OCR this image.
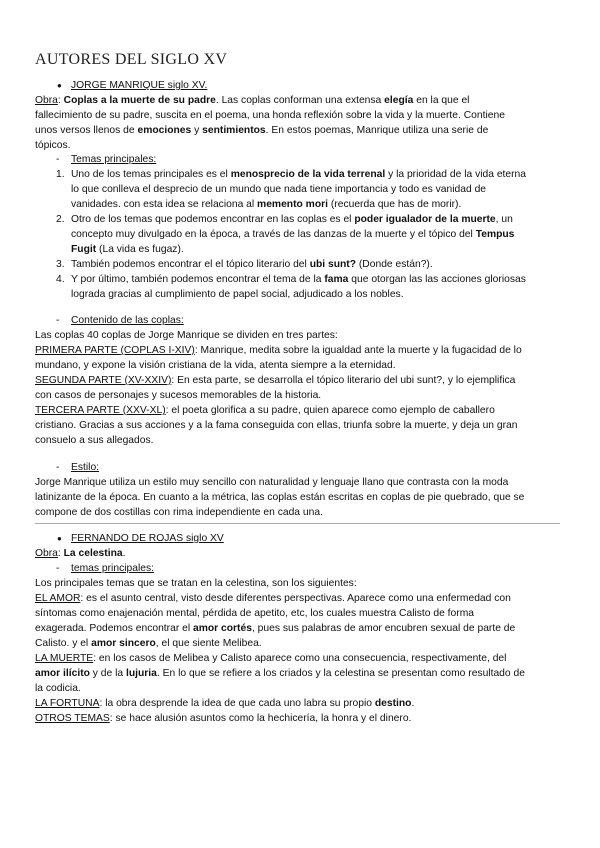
AUTORES DEL SIGLO XV
● JORGE MANRIQUE siglo XV.
Obra: Coplas a la muerte de su padre. Las coplas conforman una extensa elegía en la que el
fallecimiento de su padre, suscita en el poema, una honda reflexión sobre la vida y la muerte. Contiene
unos versos llenos de emociones y sentimientos. En estos poemas, Manrique utiliza una serie de
tópicos.
- Temas principales:
1. Uno de los temas principales es el menosprecio de la vida terrenal y la prioridad de la vida eterna
lo que conlleva el desprecio de un mundo que nada tiene importancia y todo es vanidad de
vanidades. con esta idea se relaciona al memento mori (recuerda que has de morir).
2. Otro de los temas que podemos encontrar en las coplas es el poder igualador de la muerte, un
concepto muy divulgado en la época, a través de las danzas de la muerte y el tópico del Tempus
Fugit (La vida es fugaz).
3. También podemos encontrar el el tópico literario del ubi sunt? (Donde están?).
4. Y por último, también podemos encontrar el tema de la fama que otorgan las las acciones gloriosas
lograda gracias al cumplimiento de papel social, adjudicado a los nobles.
- Contenido de las coplas:
Las coplas 40 coplas de Jorge Manrique se dividen en tres partes:
PRIMERA PARTE (COPLAS I-XIV): Manrique, medita sobre la igualdad ante la muerte y la fugacidad de lo
mundano, y expone la visión cristiana de la vida, atenta siempre a la eternidad.
SEGUNDA PARTE (XV-XXIV): En esta parte, se desarrolla el tópico literario del ubi sunt?, y lo ejemplifica
con casos de personajes y sucesos memorables de la historia.
TERCERA PARTE (XXV-XL): el poeta glorifica a su padre, quien aparece como ejemplo de caballero
cristiano. Gracias a sus acciones y a la fama conseguida con ellas, triunfa sobre la muerte, y deja un gran
consuelo a sus allegados.
- Estilo:
Jorge Manrique utiliza un estilo muy sencillo con naturalidad y lenguaje llano que contrasta con la moda
latinizante de la época. En cuanto a la métrica, las coplas están escritas en coplas de pie quebrado, que se
compone de dos costillas con rima independiente en cada una.
● FERNANDO DE ROJAS siglo XV
Obra: La celestina.
- temas principales:
Los principales temas que se tratan en la celestina, son los siguientes:
EL AMOR: es el asunto central, visto desde diferentes perspectivas. Aparece como una enfermedad con
síntomas como enajenación mental, pérdida de apetito, etc, los cuales muestra Calisto de forma
exagerada. Podemos encontrar el amor cortés, pues sus palabras de amor encubren sexual de parte de
Calisto. y el amor sincero, el que siente Melibea.
LA MUERTE: en los casos de Melibea y Calisto aparece como una consecuencia, respectivamente, del
amor ilícito y de la lujuria. En lo que se refiere a los criados y la celestina se presentan como resultado de
la codicia.
LA FORTUNA: la obra desprende la idea de que cada uno labra su propio destino.
OTROS TEMAS: se hace alusión asuntos como la hechicería, la honra y el dinero.
